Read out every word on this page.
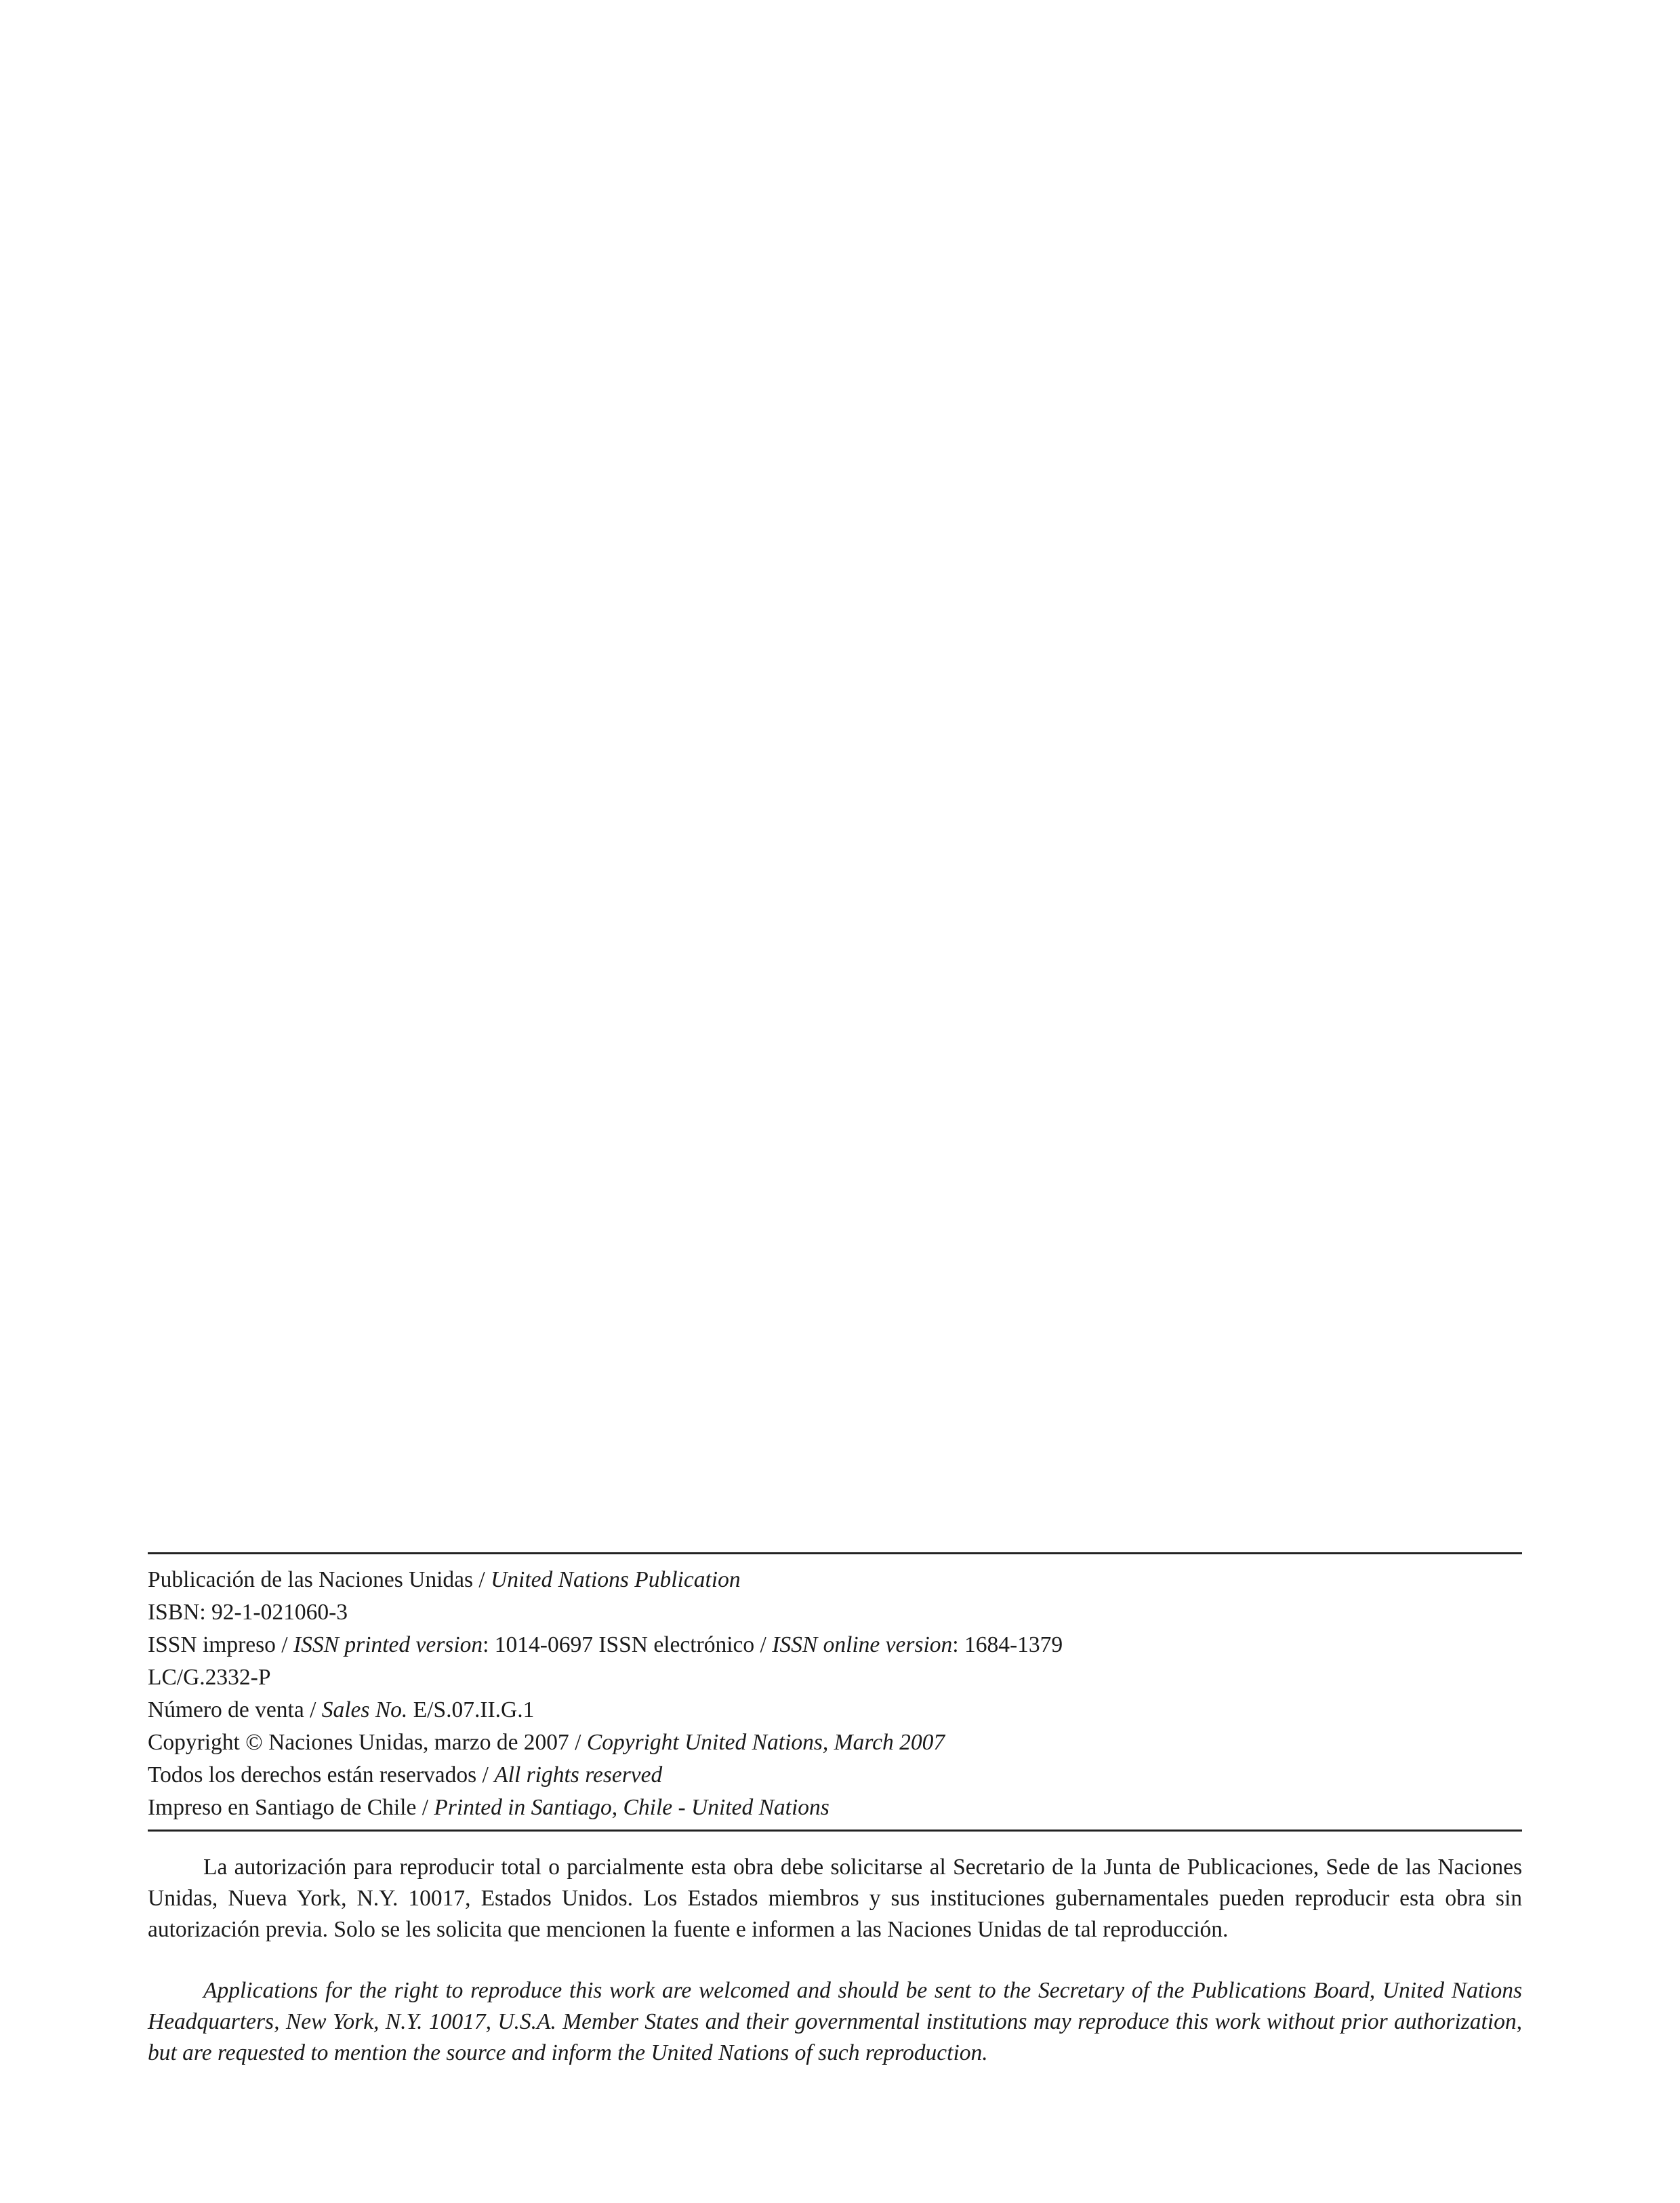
Publicación de las Naciones Unidas / United Nations Publication
ISBN: 92-1-021060-3
ISSN impreso / ISSN printed version: 1014-0697 ISSN electrónico / ISSN online version: 1684-1379
LC/G.2332-P
Número de venta / Sales No. E/S.07.II.G.1
Copyright © Naciones Unidas, marzo de 2007 / Copyright United Nations, March 2007
Todos los derechos están reservados / All rights reserved
Impreso en Santiago de Chile / Printed in Santiago, Chile - United Nations

La autorización para reproducir total o parcialmente esta obra debe solicitarse al Secretario de la Junta de Publicaciones, Sede de las Naciones Unidas, Nueva York, N.Y. 10017, Estados Unidos. Los Estados miembros y sus instituciones gubernamentales pueden reproducir esta obra sin autorización previa. Solo se les solicita que mencionen la fuente e informen a las Naciones Unidas de tal reproducción.

Applications for the right to reproduce this work are welcomed and should be sent to the Secretary of the Publications Board, United Nations Headquarters, New York, N.Y. 10017, U.S.A. Member States and their governmental institutions may reproduce this work without prior authorization, but are requested to mention the source and inform the United Nations of such reproduction.
